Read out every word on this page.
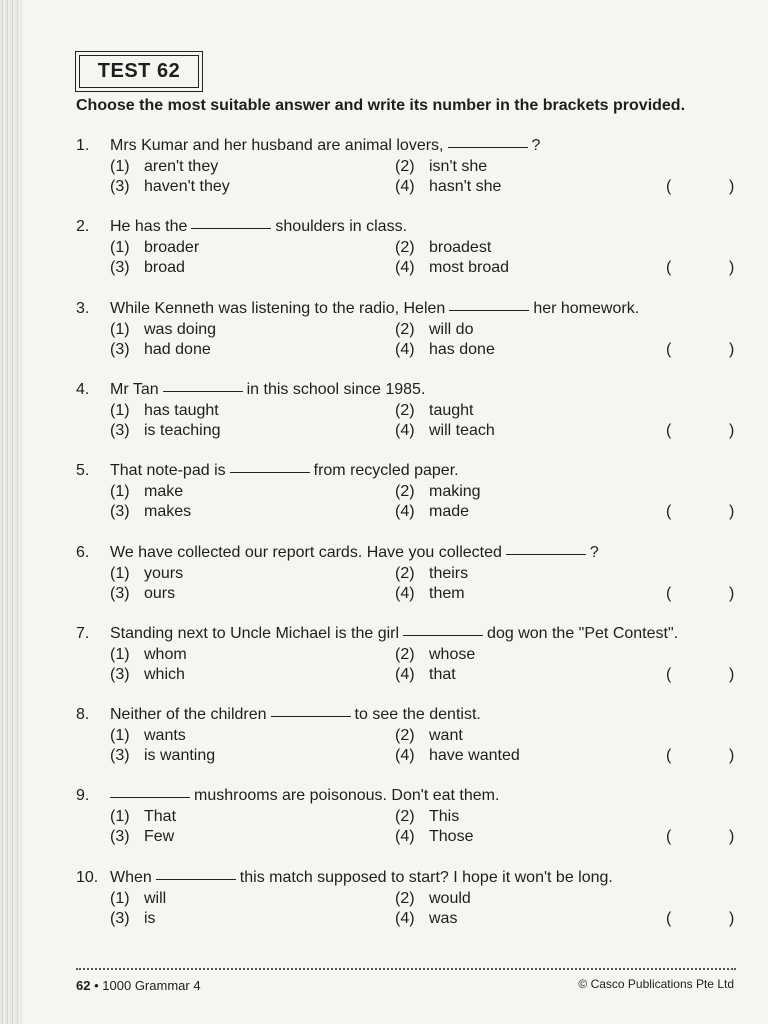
TEST 62
Choose the most suitable answer and write its number in the brackets provided.
1. Mrs Kumar and her husband are animal lovers,	?
(1) aren't they	(2) isn't she
(3) haven't they	(4) hasn't she	(	)
2. He has the	shoulders in class.
(1) broader	(2) broadest
(3) broad	(4) most broad	(	)
3. While Kenneth was listening to the radio, Helen	her homework.
(1) was doing	(2) will do
(3) had done	(4) has done	(	)
4. Mr Tan	in this school since 1985.
(1) has taught	(2) taught
(3) is teaching	(4) will teach	(	)
5. That note-pad is	from recycled paper.
(1) make	(2) making
(3) makes	(4) made	(	)
6. We have collected our report cards. Have you collected	?
(1) yours	(2) theirs
(3) ours	(4) them	(	)
7. Standing next to Uncle Michael is the girl	dog won the "Pet Contest".
(1) whom	(2) whose
(3) which	(4) that	(	)
8. Neither of the children	to see the dentist.
(1) wants	(2) want
(3) is wanting	(4) have wanted	(	)
9.	mushrooms are poisonous. Don't eat them.
(1) That	(2) This
(3) Few	(4) Those	(	)
10. When	this match supposed to start? I hope it won't be long.
(1) will	(2) would
(3) is	(4) was	(	)
62 • 1000 Grammar 4	© Casco Publications Pte Ltd
